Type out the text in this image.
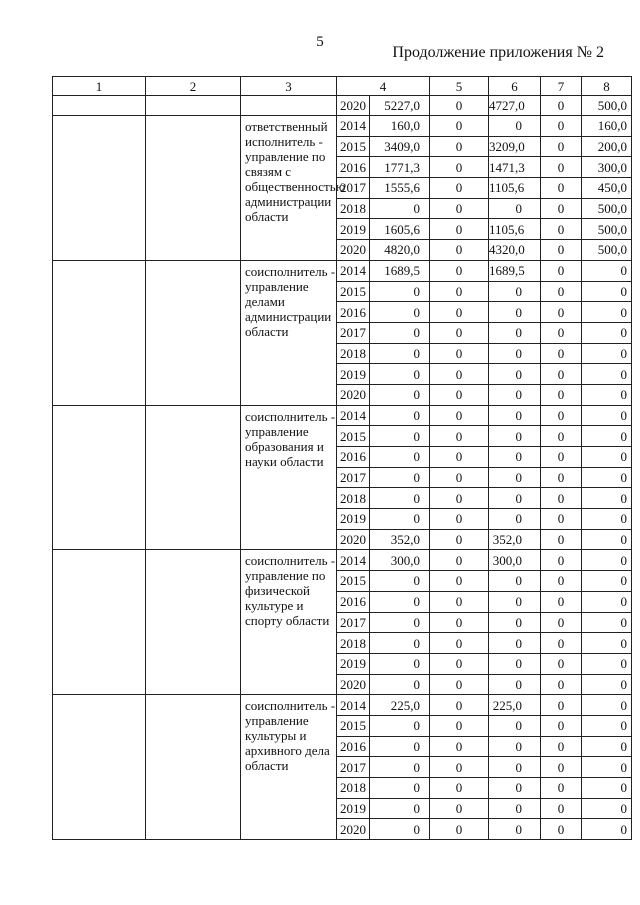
5
Продолжение приложения № 2
1	2	3	4		5	6	7	8
			2020	5227,0	0	4727,0	0	500,0
		ответственный исполнитель - управление по связям с общественностью администрации области	2014	160,0	0	0	0	160,0
			2015	3409,0	0	3209,0	0	200,0
			2016	1771,3	0	1471,3	0	300,0
			2017	1555,6	0	1105,6	0	450,0
			2018	0	0	0	0	500,0
			2019	1605,6	0	1105,6	0	500,0
			2020	4820,0	0	4320,0	0	500,0
		соисполнитель - управление делами администрации области	2014	1689,5	0	1689,5	0	0
			2015	0	0	0	0	0
			2016	0	0	0	0	0
			2017	0	0	0	0	0
			2018	0	0	0	0	0
			2019	0	0	0	0	0
			2020	0	0	0	0	0
		соисполнитель - управление образования и науки области	2014	0	0	0	0	0
			2015	0	0	0	0	0
			2016	0	0	0	0	0
			2017	0	0	0	0	0
			2018	0	0	0	0	0
			2019	0	0	0	0	0
			2020	352,0	0	352,0	0	0
		соисполнитель - управление по физической культуре и спорту области	2014	300,0	0	300,0	0	0
			2015	0	0	0	0	0
			2016	0	0	0	0	0
			2017	0	0	0	0	0
			2018	0	0	0	0	0
			2019	0	0	0	0	0
			2020	0	0	0	0	0
		соисполнитель - управление культуры и архивного дела области	2014	225,0	0	225,0	0	0
			2015	0	0	0	0	0
			2016	0	0	0	0	0
			2017	0	0	0	0	0
			2018	0	0	0	0	0
			2019	0	0	0	0	0
			2020	0	0	0	0	0
